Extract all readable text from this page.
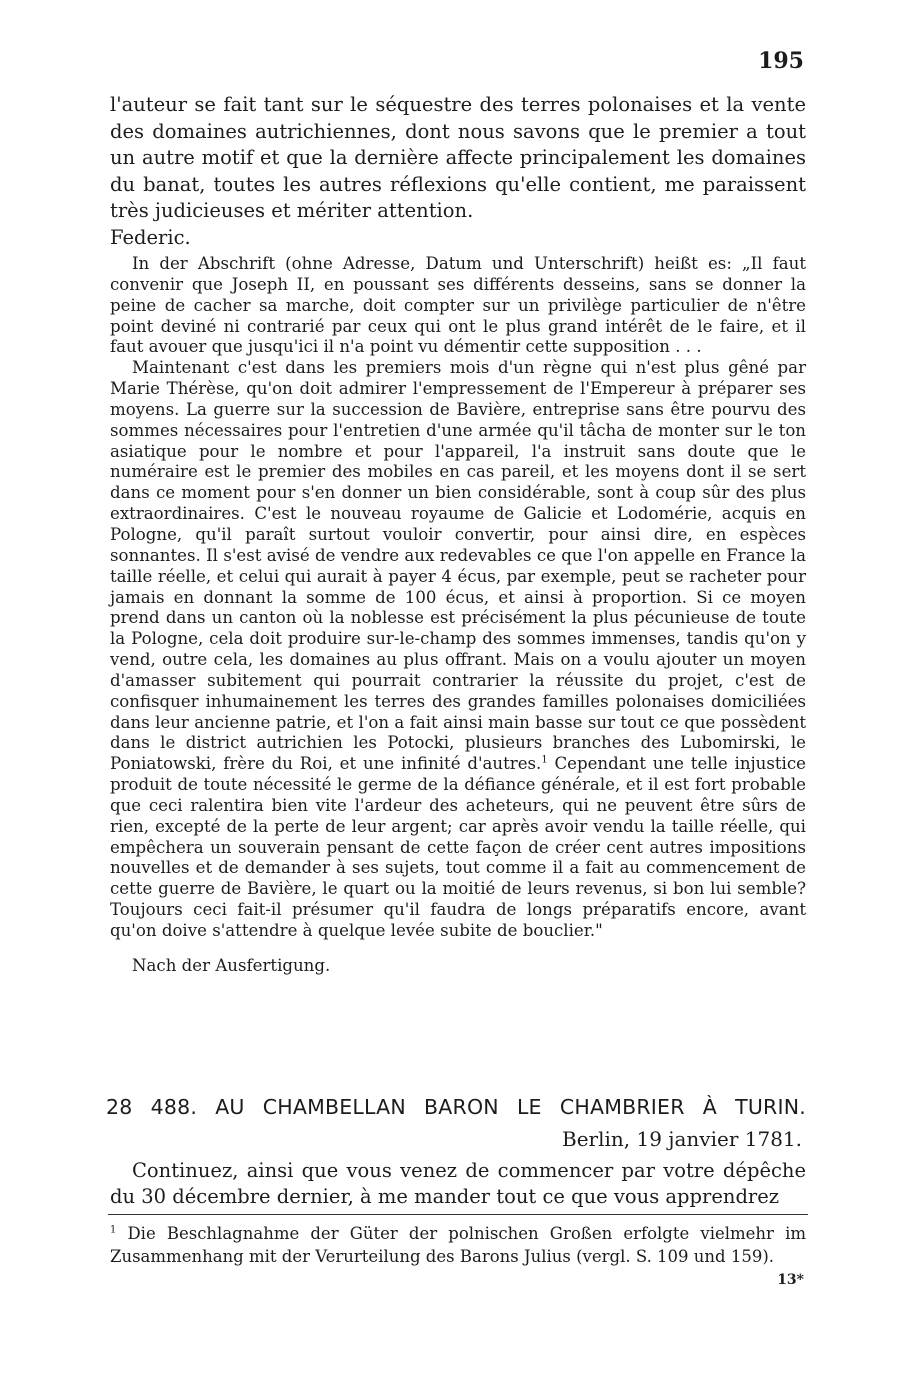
195

l'auteur se fait tant sur le séquestre des terres polonaises et la vente

des domaines autrichiennes, dont nous savons que le premier a tout

un autre motif et que la dernière affecte principalement les domaines

du banat, toutes les autres réflexions qu'elle contient, me paraissent

très judicieuses et mériter attention.

Federic.

In der Abschrift (ohne Adresse, Datum und Unterschrift) heißt es: „Il faut convenir que Joseph II, en poussant ses différents desseins, sans se donner la peine de cacher sa marche, doit compter sur un privilège particulier de n'être point deviné ni contrarié par ceux qui ont le plus grand intérêt de le faire, et il faut avouer que jusqu'ici il n'a point vu démentir cette supposition . . .

Maintenant c'est dans les premiers mois d'un règne qui n'est plus gêné par Marie Thérèse, qu'on doit admirer l'empressement de l'Empereur à préparer ses moyens. La guerre sur la succession de Bavière, entreprise sans être pourvu des sommes nécessaires pour l'entretien d'une armée qu'il tâcha de monter sur le ton asiatique pour le nombre et pour l'appareil, l'a instruit sans doute que le numéraire est le premier des mobiles en cas pareil, et les moyens dont il se sert dans ce moment pour s'en donner un bien considérable, sont à coup sûr des plus extraordinaires. C'est le nouveau royaume de Galicie et Lodomérie, acquis en Pologne, qu'il paraît surtout vouloir convertir, pour ainsi dire, en espèces sonnantes. Il s'est avisé de vendre aux redevables ce que l'on appelle en France la taille réelle, et celui qui aurait à payer 4 écus, par exemple, peut se racheter pour jamais en donnant la somme de 100 écus, et ainsi à proportion. Si ce moyen prend dans un canton où la noblesse est précisément la plus pécunieuse de toute la Pologne, cela doit produire sur-le-champ des sommes immenses, tandis qu'on y vend, outre cela, les domaines au plus offrant. Mais on a voulu ajouter un moyen d'amasser subitement qui pourrait contrarier la réussite du projet, c'est de confisquer inhumainement les terres des grandes familles polonaises domiciliées dans leur ancienne patrie, et l'on a fait ainsi main basse sur tout ce que possèdent dans le district autrichien les Potocki, plusieurs branches des Lubomirski, le Poniatowski, frère du Roi, et une infinité d'autres.$^1$ Cependant une telle injustice produit de toute nécessité le germe de la défiance générale, et il est fort probable que ceci ralentira bien vite l'ardeur des acheteurs, qui ne peuvent être sûrs de rien, excepté de la perte de leur argent; car après avoir vendu la taille réelle, qui empêchera un souverain pensant de cette façon de créer cent autres impositions nouvelles et de demander à ses sujets, tout comme il a fait au commencement de cette guerre de Bavière, le quart ou la moitié de leurs revenus, si bon lui semble? Toujours ceci fait-il présumer qu'il faudra de longs préparatifs encore, avant qu'on doive s'attendre à quelque levée subite de bouclier."

Nach der Ausfertigung.

28 488. AU CHAMBELLAN BARON LE CHAMBRIER À TURIN.

Berlin, 19 janvier 1781.

Continuez, ainsi que vous venez de commencer par votre dépêche du 30 décembre dernier, à me mander tout ce que vous apprendrez

$^1$ Die Beschlagnahme der Güter der polnischen Großen erfolgte vielmehr im Zusammenhang mit der Verurteilung des Barons Julius (vergl. S. 109 und 159).

13*
